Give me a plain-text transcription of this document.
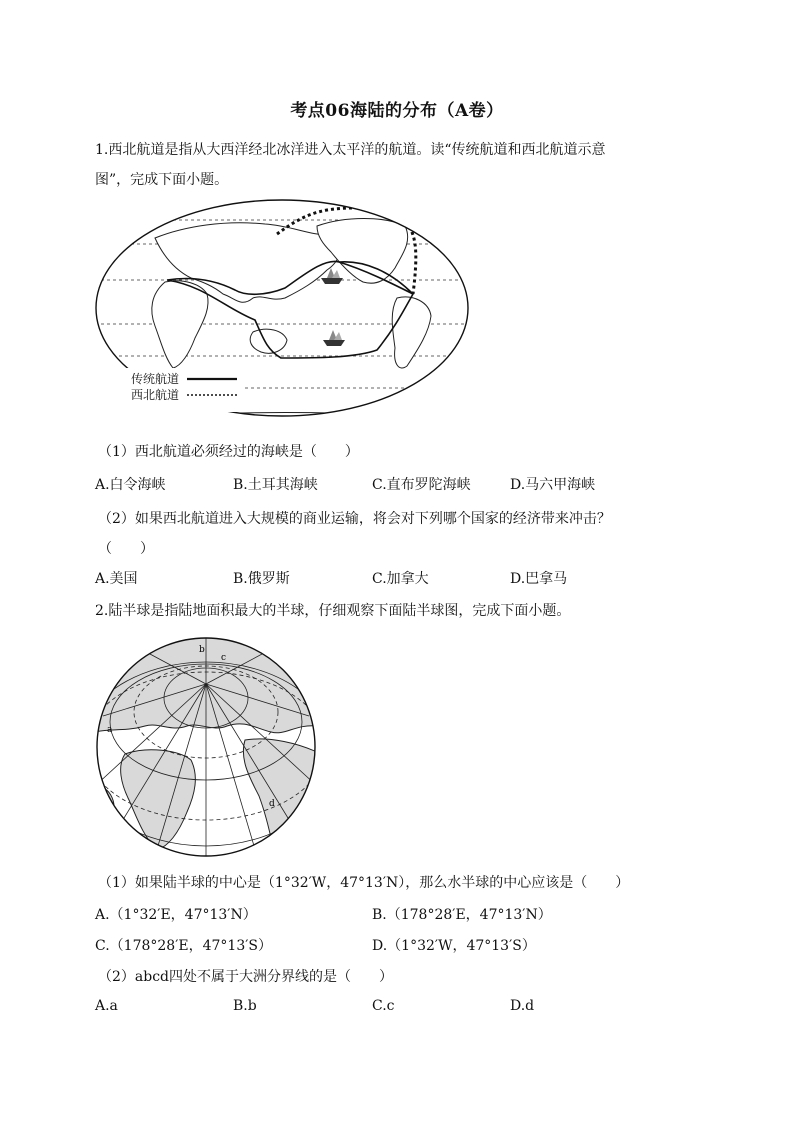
考点06海陆的分布（A卷）
1.西北航道是指从大西洋经北冰洋进入太平洋的航道。读“传统航道和西北航道示意
图”，完成下面小题。
传统航道
西北航道
（1）西北航道必须经过的海峡是（　　）
A.白令海峡	B.土耳其海峡	C.直布罗陀海峡	D.马六甲海峡
（2）如果西北航道进入大规模的商业运输，将会对下列哪个国家的经济带来冲击？
（　　）
A.美国	B.俄罗斯	C.加拿大	D.巴拿马
2.陆半球是指陆地面积最大的半球，仔细观察下面陆半球图，完成下面小题。
b
c
a
d
（1）如果陆半球的中心是（1°32′W，47°13′N），那么水半球的中心应该是（　　）
A.（1°32′E，47°13′N）	B.（178°28′E，47°13′N）
C.（178°28′E，47°13′S）	D.（1°32′W，47°13′S）
（2）abcd四处不属于大洲分界线的是（　　）
A.a	B.b	C.c	D.d
